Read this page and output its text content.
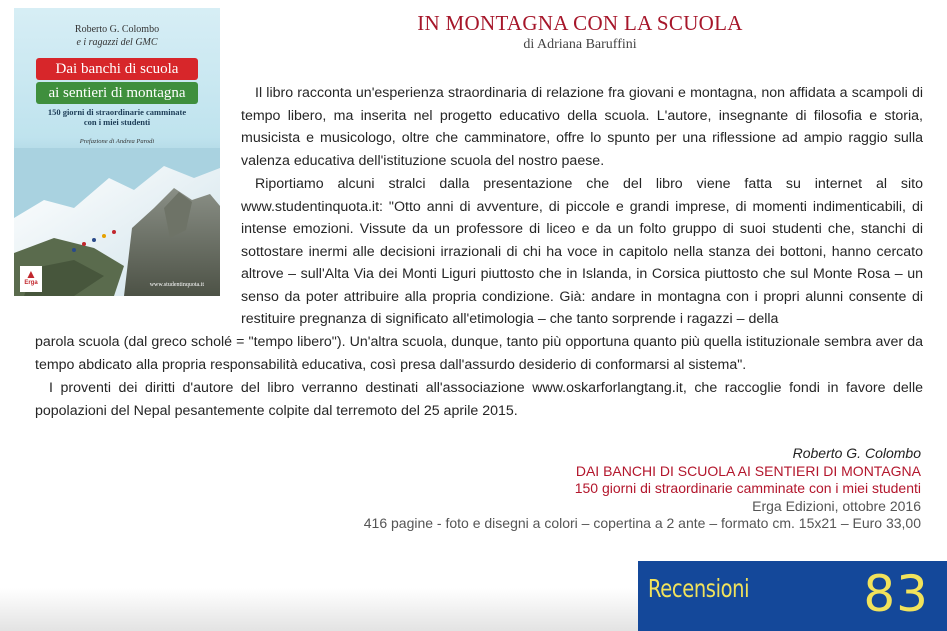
Roberto G. Colombo
e i ragazzi del GMC
Dai banchi di scuola
ai sentieri di montagna
150 giorni di straordinarie camminate
con i miei studenti
Prefazione di Andrea Parodi
▲
Erga	www.studentinquota.it
IN MONTAGNA CON LA SCUOLA
di Adriana Baruffini

Il libro racconta un'esperienza straordinaria di relazione fra giovani e montagna, non affidata a scampoli di tempo libero, ma inserita nel progetto educativo della scuola. L'autore, insegnante di filosofia e storia, musicista e musicologo, oltre che camminatore, offre lo spunto per una riflessione ad ampio raggio sulla valenza educativa dell'istituzione scuola del nostro paese.

Riportiamo alcuni stralci dalla presentazione che del libro viene fatta su internet al sito www.studentinquota.it: "Otto anni di avventure, di piccole e grandi imprese, di momenti indimenticabili, di intense emozioni. Vissute da un professore di liceo e da un folto gruppo di suoi studenti che, stanchi di sottostare inermi alle decisioni irrazionali di chi ha voce in capitolo nella stanza dei bottoni, hanno cercato altrove – sull'Alta Via dei Monti Liguri piuttosto che in Islanda, in Corsica piuttosto che sul Monte Rosa – un senso da poter attribuire alla propria condizione. Già: andare in montagna con i propri alunni consente di restituire pregnanza di significato all'etimologia – che tanto sorprende i ragazzi – della

parola scuola (dal greco scholé = "tempo libero"). Un'altra scuola, dunque, tanto più opportuna quanto più quella istituzionale sembra aver da tempo abdicato alla propria responsabilità educativa, così presa dall'assurdo desiderio di conformarsi al sistema".

I proventi dei diritti d'autore del libro verranno destinati all'associazione www.oskarforlangtang.it, che raccoglie fondi in favore delle popolazioni del Nepal pesantemente colpite dal terremoto del 25 aprile 2015.

Roberto G. Colombo
DAI BANCHI DI SCUOLA AI SENTIERI DI MONTAGNA
150 giorni di straordinarie camminate con i miei studenti
Erga Edizioni, ottobre 2016
416 pagine - foto e disegni a colori – copertina a 2 ante – formato cm. 15x21 – Euro 33,00
Recensioni 83
